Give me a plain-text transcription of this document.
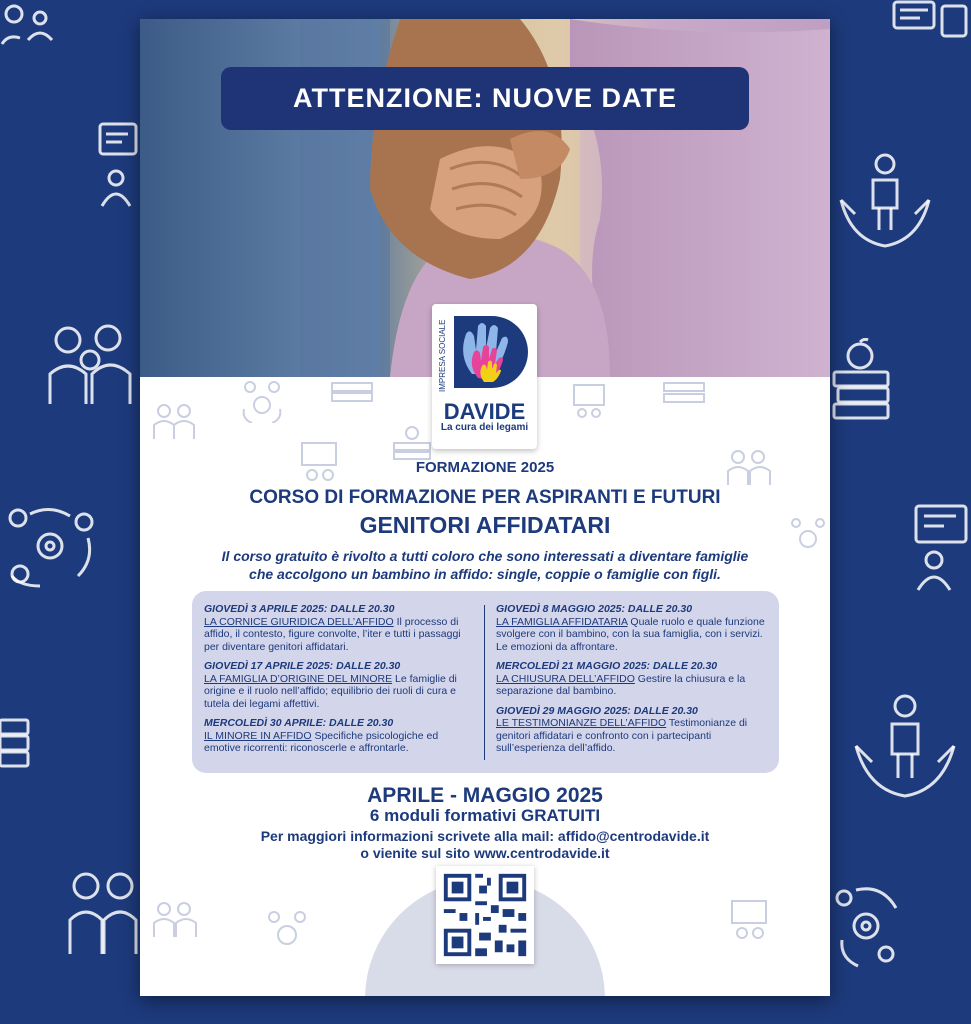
ATTENZIONE: NUOVE DATE
IMPRESA SOCIALE
DAVIDE
La cura dei legami
FORMAZIONE 2025
CORSO DI FORMAZIONE PER ASPIRANTI E FUTURI
GENITORI AFFIDATARI
Il corso gratuito è rivolto a tutti coloro che sono interessati a diventare famiglie
che accolgono un bambino in affido: single, coppie o famiglie con figli.
GIOVEDÌ 3 APRILE 2025: DALLE 20.30
LA CORNICE GIURIDICA DELL’AFFIDO Il processo di affido, il contesto, figure convolte, l’iter e tutti i passaggi per diventare genitori affidatari.
GIOVEDÌ 17 APRILE 2025: DALLE 20.30
LA FAMIGLIA D’ORIGINE DEL MINORE Le famiglie di origine e il ruolo nell’affido; equilibrio dei ruoli di cura e tutela dei legami affettivi.
MERCOLEDÌ 30 APRILE: DALLE 20.30
IL MINORE IN AFFIDO Specifiche psicologiche ed emotive ricorrenti: riconoscerle e affrontarle.
GIOVEDÌ 8 MAGGIO 2025: DALLE 20.30
LA FAMIGLIA AFFIDATARIA Quale ruolo e quale funzione svolgere con il bambino, con la sua famiglia, con i servizi. Le emozioni da affrontare.
MERCOLEDÌ 21 MAGGIO 2025: DALLE 20.30
LA CHIUSURA DELL’AFFIDO Gestire la chiusura e la separazione dal bambino.
GIOVEDÌ 29 MAGGIO 2025: DALLE 20.30
LE TESTIMONIANZE DELL’AFFIDO Testimonianze di genitori affidatari e confronto con i partecipanti sull’esperienza dell’affido.
APRILE - MAGGIO 2025
6 moduli formativi GRATUITI
Per maggiori informazioni scrivete alla mail: affido@centrodavide.it
o vienite sul sito www.centrodavide.it
